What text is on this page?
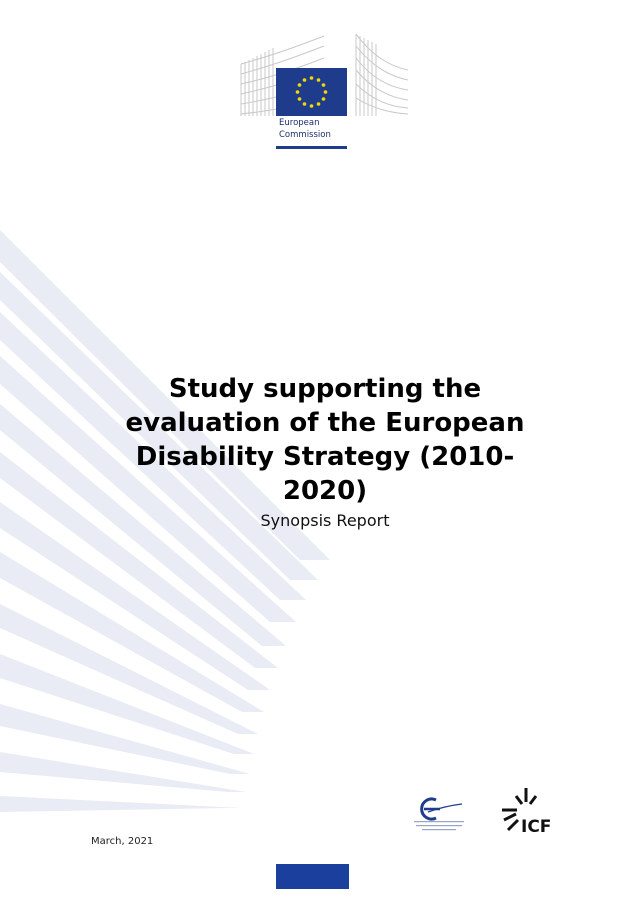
European
Commission
Study supporting the
evaluation of the European
Disability Strategy (2010-
2020)
Synopsis Report
March, 2021
ICF
